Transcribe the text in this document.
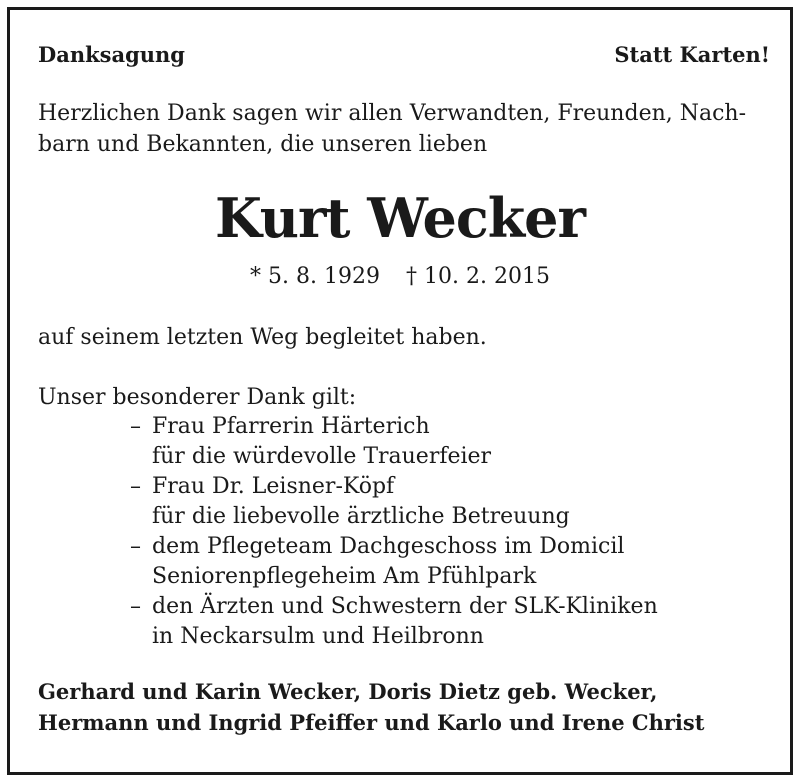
Danksagung	Statt Karten!
Herzlichen Dank sagen wir allen Verwandten, Freunden, Nach-
barn und Bekannten, die unseren lieben
Kurt Wecker
* 5. 8. 1929 † 10. 2. 2015
auf seinem letzten Weg begleitet haben.
Unser besonderer Dank gilt:
– Frau Pfarrerin Härterich
für die würdevolle Trauerfeier
– Frau Dr. Leisner-Köpf
für die liebevolle ärztliche Betreuung
– dem Pflegeteam Dachgeschoss im Domicil
Seniorenpflegeheim Am Pfühlpark
– den Ärzten und Schwestern der SLK-Kliniken
in Neckarsulm und Heilbronn
Gerhard und Karin Wecker, Doris Dietz geb. Wecker,
Hermann und Ingrid Pfeiffer und Karlo und Irene Christ
